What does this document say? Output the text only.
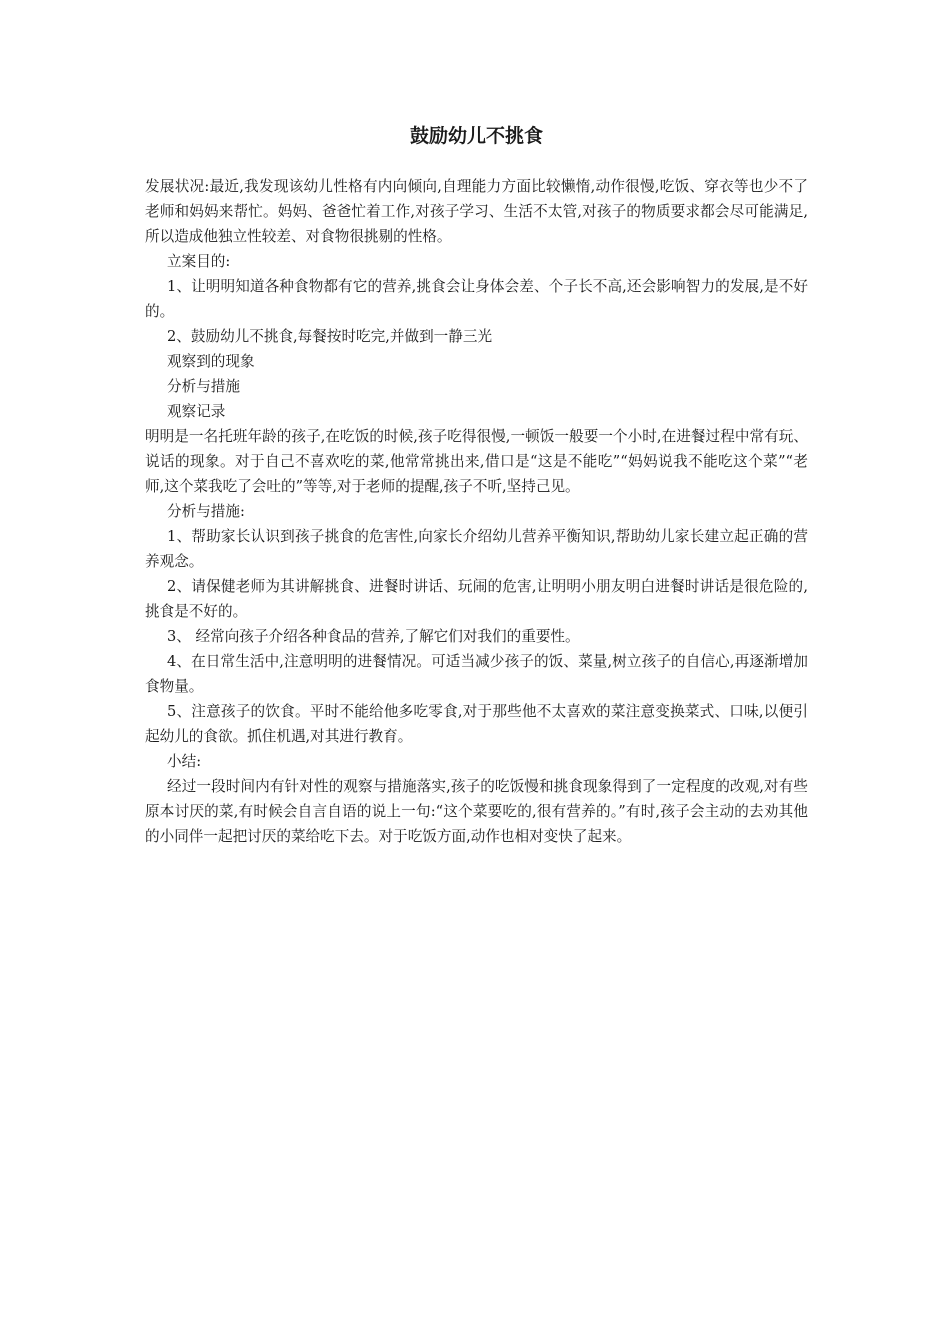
鼓励幼儿不挑食

发展状况:最近,我发现该幼儿性格有内向倾向,自理能力方面比较懒惰,动作很慢,吃饭、穿衣等也少不了老师和妈妈来帮忙。妈妈、爸爸忙着工作,对孩子学习、生活不太管,对孩子的物质要求都会尽可能满足,所以造成他独立性较差、对食物很挑剔的性格。

立案目的:

1、让明明知道各种食物都有它的营养,挑食会让身体会差、个子长不高,还会影响智力的发展,是不好的。

2、鼓励幼儿不挑食,每餐按时吃完,并做到一静三光

观察到的现象

分析与措施

观察记录

明明是一名托班年龄的孩子,在吃饭的时候,孩子吃得很慢,一顿饭一般要一个小时,在进餐过程中常有玩、说话的现象。对于自己不喜欢吃的菜,他常常挑出来,借口是“这是不能吃”“妈妈说我不能吃这个菜”“老师,这个菜我吃了会吐的”等等,对于老师的提醒,孩子不听,坚持己见。

分析与措施:

1、帮助家长认识到孩子挑食的危害性,向家长介绍幼儿营养平衡知识,帮助幼儿家长建立起正确的营养观念。

2、请保健老师为其讲解挑食、进餐时讲话、玩闹的危害,让明明小朋友明白进餐时讲话是很危险的,挑食是不好的。

3、 经常向孩子介绍各种食品的营养,了解它们对我们的重要性。

4、在日常生活中,注意明明的进餐情况。可适当减少孩子的饭、菜量,树立孩子的自信心,再逐渐增加食物量。

5、注意孩子的饮食。平时不能给他多吃零食,对于那些他不太喜欢的菜注意变换菜式、口味,以便引起幼儿的食欲。抓住机遇,对其进行教育。

小结:

经过一段时间内有针对性的观察与措施落实,孩子的吃饭慢和挑食现象得到了一定程度的改观,对有些原本讨厌的菜,有时候会自言自语的说上一句:“这个菜要吃的,很有营养的。”有时,孩子会主动的去劝其他的小同伴一起把讨厌的菜给吃下去。对于吃饭方面,动作也相对变快了起来。
